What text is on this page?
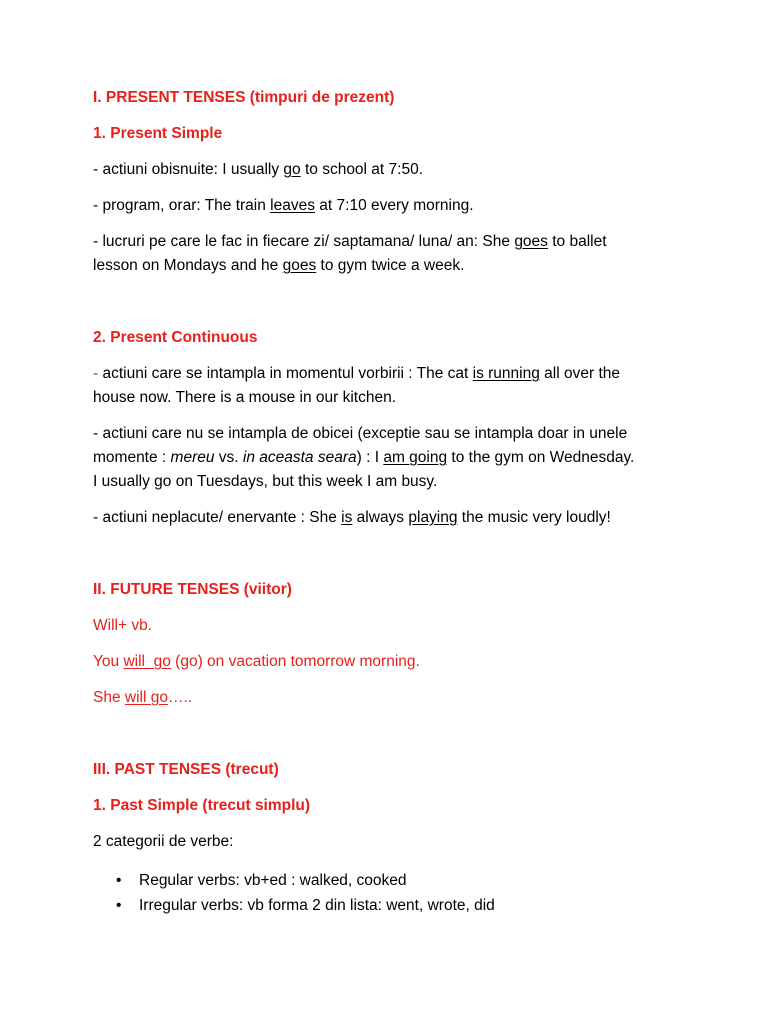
I. PRESENT TENSES (timpuri de prezent)

1. Present Simple

- actiuni obisnuite: I usually go to school at 7:50.

- program, orar: The train leaves at 7:10 every morning.

- lucruri pe care le fac in fiecare zi/ saptamana/ luna/ an: She goes to ballet

lesson on Mondays and he goes to gym twice a week.

2. Present Continuous

- actiuni care se intampla in momentul vorbirii : The cat is running all over the

house now. There is a mouse in our kitchen.

- actiuni care nu se intampla de obicei (exceptie sau se intampla doar in unele

momente : mereu vs. in aceasta seara) : I am going to the gym on Wednesday.

I usually go on Tuesdays, but this week I am busy.

- actiuni neplacute/ enervante : She is always playing the music very loudly!

II. FUTURE TENSES (viitor)

Will+ vb.

You will  go (go) on vacation tomorrow morning.

She will go…..

III. PAST TENSES (trecut)

1. Past Simple (trecut simplu)

2 categorii de verbe:

• Regular verbs: vb+ed : walked, cooked
• Irregular verbs: vb forma 2 din lista: went, wrote, did
